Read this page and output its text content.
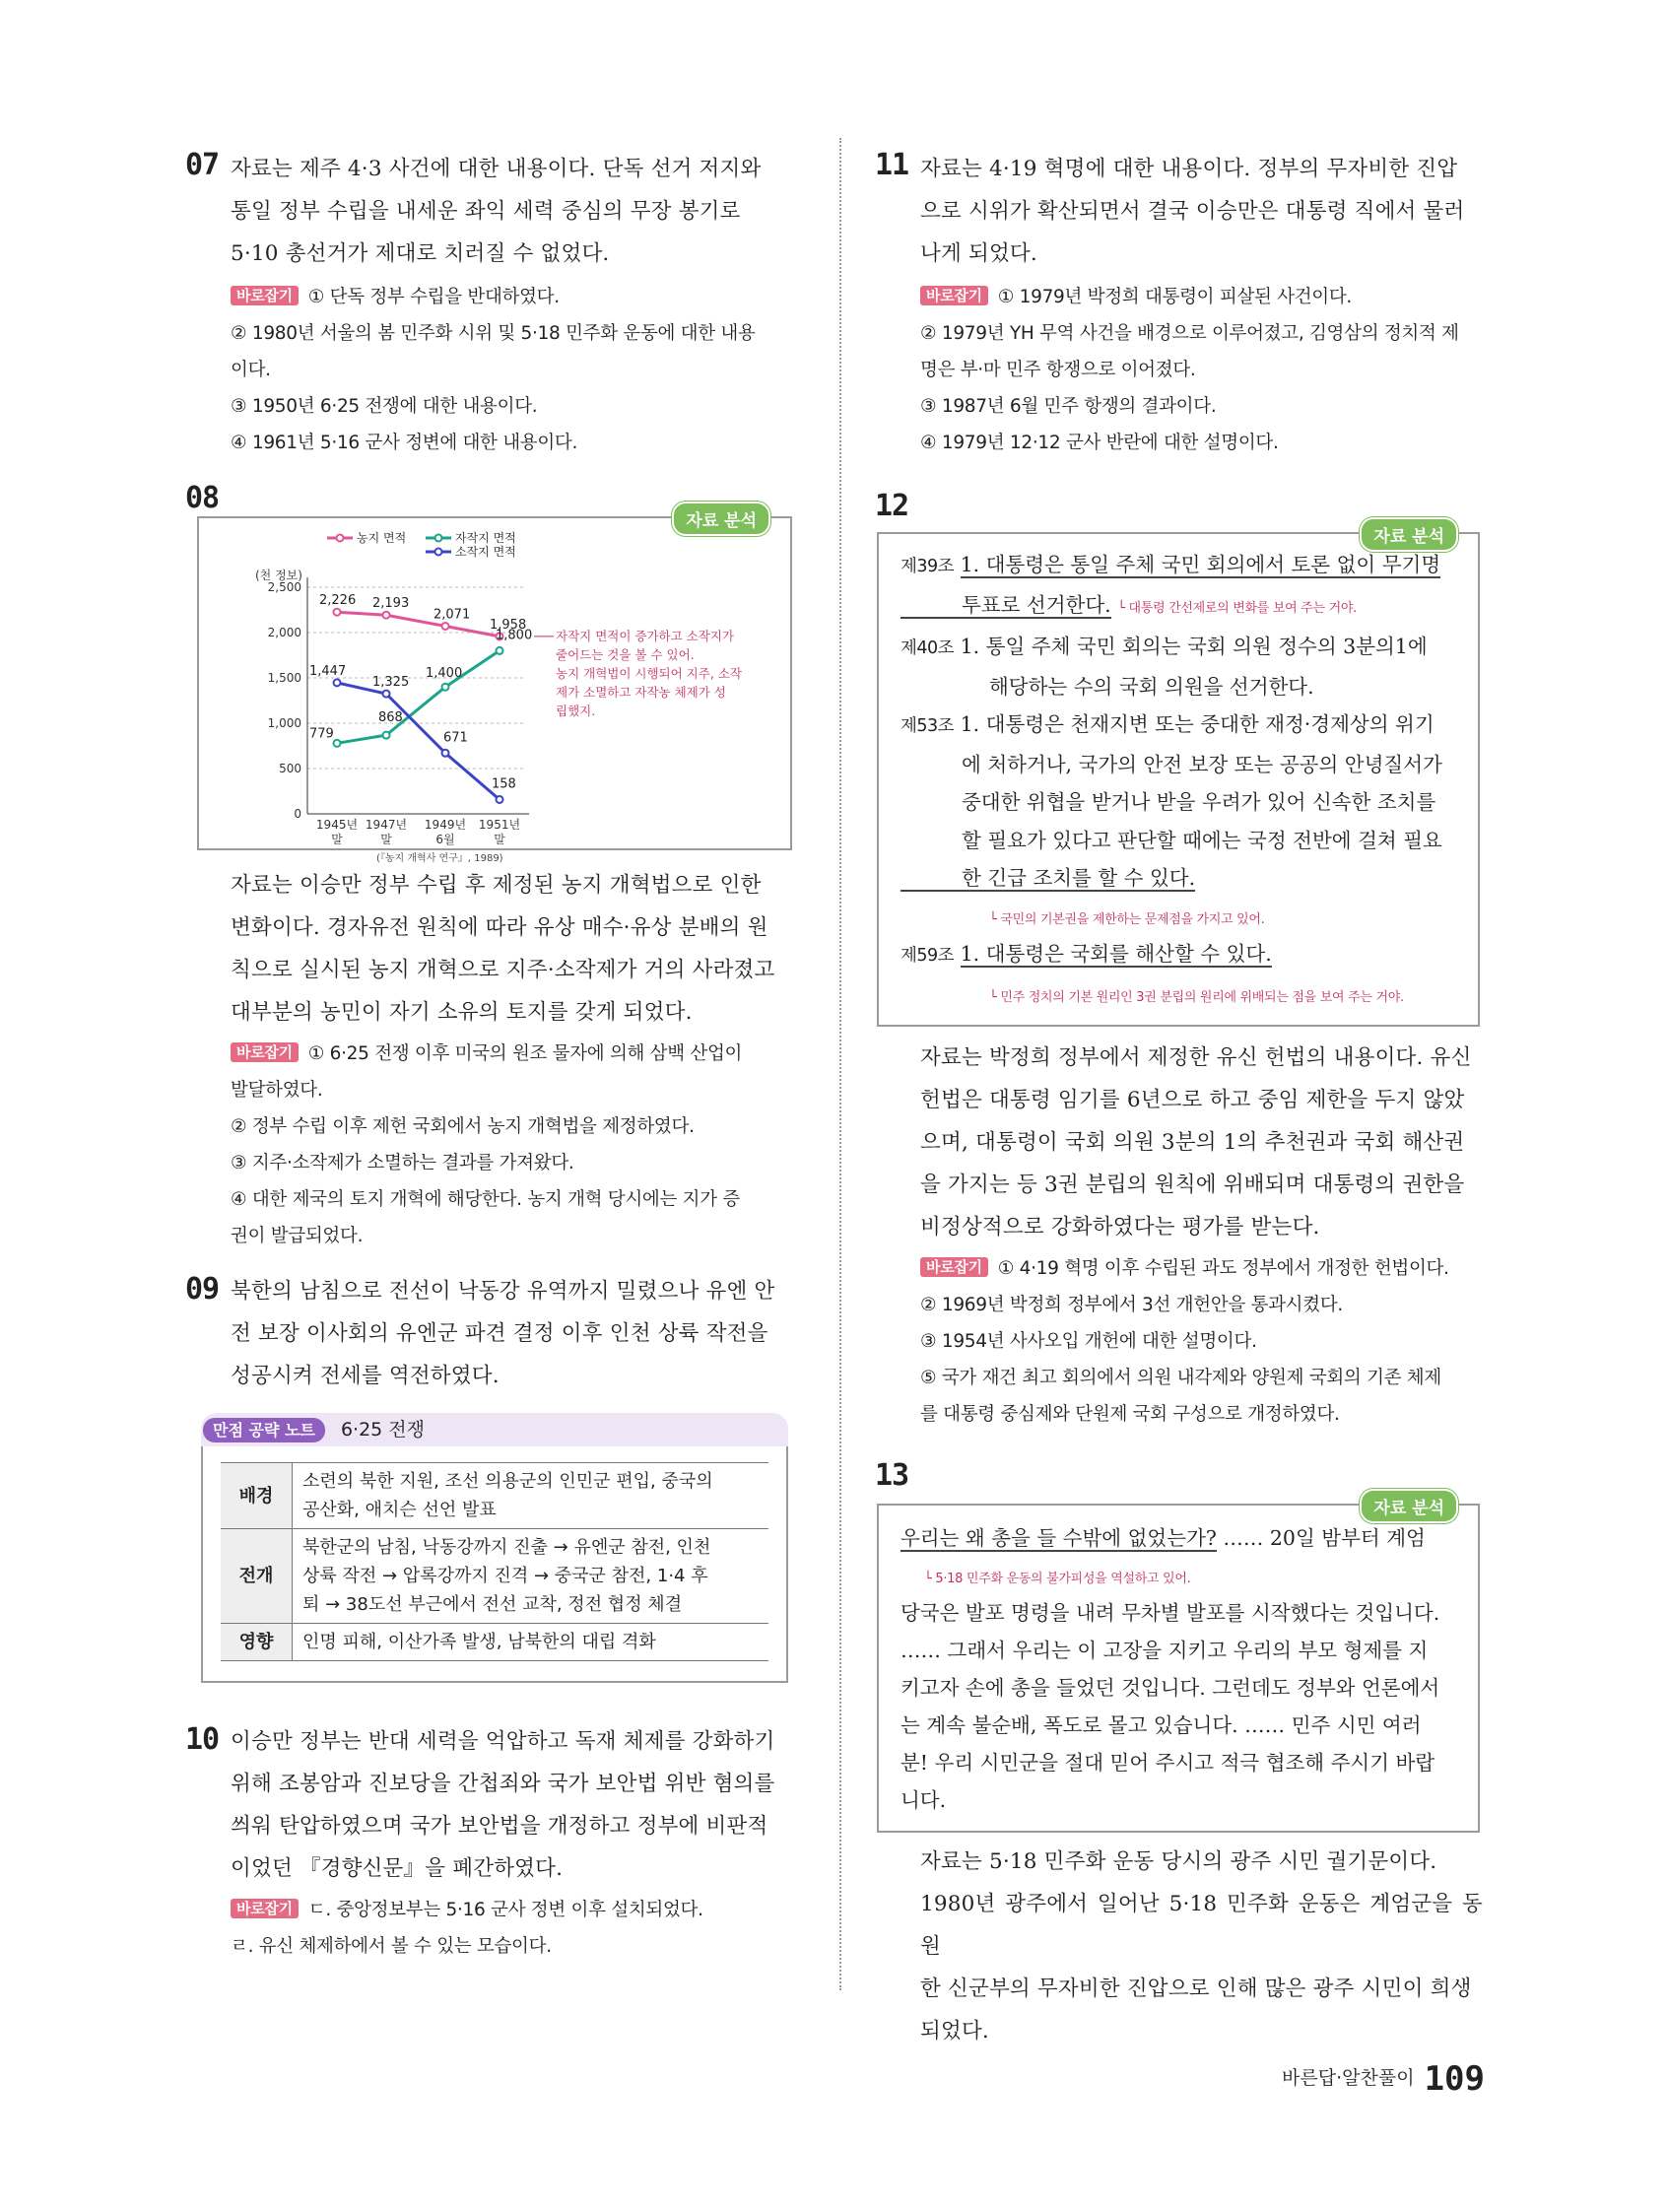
07 자료는 제주 4·3 사건에 대한 내용이다. 단독 선거 저지와
통일 정부 수립을 내세운 좌익 세력 중심의 무장 봉기로
5·10 총선거가 제대로 치러질 수 없었다.

바로잡기 ① 단독 정부 수립을 반대하였다.
② 1980년 서울의 봄 민주화 시위 및 5·18 민주화 운동에 대한 내용
이다.
③ 1950년 6·25 전쟁에 대한 내용이다.
④ 1961년 5·16 군사 정변에 대한 내용이다.

08
자료 분석
(천 정보)
2,500
2,000
1,500
1,000
500
0
1945년
말
1947년
말
1949년
6월
1951년
말
2,226 2,193
2,071
1,958
779
868
1,400
1,800
1,447
1,325
671
158
농지 면적	자작지 면적
소작지 면적
(『농지 개혁사 연구』, 1989)
자작지 면적이 증가하고 소작지가
줄어드는 것을 볼 수 있어.
농지 개혁법이 시행되어 지주, 소작
제가 소멸하고 자작농 체제가 성
립했지.

자료는 이승만 정부 수립 후 제정된 농지 개혁법으로 인한
변화이다. 경자유전 원칙에 따라 유상 매수·유상 분배의 원
칙으로 실시된 농지 개혁으로 지주·소작제가 거의 사라졌고
대부분의 농민이 자기 소유의 토지를 갖게 되었다.

바로잡기 ① 6·25 전쟁 이후 미국의 원조 물자에 의해 삼백 산업이
발달하였다.
② 정부 수립 이후 제헌 국회에서 농지 개혁법을 제정하였다.
③ 지주·소작제가 소멸하는 결과를 가져왔다.
④ 대한 제국의 토지 개혁에 해당한다. 농지 개혁 당시에는 지가 증
권이 발급되었다.

09 북한의 남침으로 전선이 낙동강 유역까지 밀렸으나 유엔 안
전 보장 이사회의 유엔군 파견 결정 이후 인천 상륙 작전을
성공시켜 전세를 역전하였다.

만점 공략 노트 6·25 전쟁
배경	소련의 북한 지원, 조선 의용군의 인민군 편입, 중국의
공산화, 애치슨 선언 발표
전개	북한군의 남침, 낙동강까지 진출 → 유엔군 참전, 인천
상륙 작전 → 압록강까지 진격 → 중국군 참전, 1·4 후
퇴 → 38도선 부근에서 전선 교착, 정전 협정 체결
영향	인명 피해, 이산가족 발생, 남북한의 대립 격화
10 이승만 정부는 반대 세력을 억압하고 독재 체제를 강화하기
위해 조봉암과 진보당을 간첩죄와 국가 보안법 위반 혐의를
씌워 탄압하였으며 국가 보안법을 개정하고 정부에 비판적
이었던 『경향신문』을 폐간하였다.

바로잡기 ㄷ. 중앙정보부는 5·16 군사 정변 이후 설치되었다.
ㄹ. 유신 체제하에서 볼 수 있는 모습이다.

11 자료는 4·19 혁명에 대한 내용이다. 정부의 무자비한 진압
으로 시위가 확산되면서 결국 이승만은 대통령 직에서 물러
나게 되었다.

바로잡기 ① 1979년 박정희 대통령이 피살된 사건이다.
② 1979년 YH 무역 사건을 배경으로 이루어졌고, 김영삼의 정치적 제
명은 부·마 민주 항쟁으로 이어졌다.
③ 1987년 6월 민주 항쟁의 결과이다.
④ 1979년 12·12 군사 반란에 대한 설명이다.

12
자료 분석
제39조 1. 대통령은 통일 주체 국민 회의에서 토론 없이 무기명
투표로 선거한다. └ 대통령 간선제로의 변화를 보여 주는 거야.
제40조 1. 통일 주체 국민 회의는 국회 의원 정수의 3분의1에
해당하는 수의 국회 의원을 선거한다.
제53조 1. 대통령은 천재지변 또는 중대한 재정·경제상의 위기
에 처하거나, 국가의 안전 보장 또는 공공의 안녕질서가
중대한 위협을 받거나 받을 우려가 있어 신속한 조치를
할 필요가 있다고 판단할 때에는 국정 전반에 걸쳐 필요
한 긴급 조치를 할 수 있다.
└ 국민의 기본권을 제한하는 문제점을 가지고 있어.
제59조 1. 대통령은 국회를 해산할 수 있다.
└ 민주 정치의 기본 원리인 3권 분립의 원리에 위배되는 점을 보여 주는 거야.

자료는 박정희 정부에서 제정한 유신 헌법의 내용이다. 유신
헌법은 대통령 임기를 6년으로 하고 중임 제한을 두지 않았
으며, 대통령이 국회 의원 3분의 1의 추천권과 국회 해산권
을 가지는 등 3권 분립의 원칙에 위배되며 대통령의 권한을
비정상적으로 강화하였다는 평가를 받는다.

바로잡기 ① 4·19 혁명 이후 수립된 과도 정부에서 개정한 헌법이다.
② 1969년 박정희 정부에서 3선 개헌안을 통과시켰다.
③ 1954년 사사오입 개헌에 대한 설명이다.
⑤ 국가 재건 최고 회의에서 의원 내각제와 양원제 국회의 기존 체제
를 대통령 중심제와 단원제 국회 구성으로 개정하였다.

13
자료 분석
우리는 왜 총을 들 수밖에 없었는가? …… 20일 밤부터 계엄
└ 5·18 민주화 운동의 불가피성을 역설하고 있어.
당국은 발포 명령을 내려 무차별 발포를 시작했다는 것입니다.
…… 그래서 우리는 이 고장을 지키고 우리의 부모 형제를 지
키고자 손에 총을 들었던 것입니다. 그런데도 정부와 언론에서
는 계속 불순배, 폭도로 몰고 있습니다. …… 민주 시민 여러
분! 우리 시민군을 절대 믿어 주시고 적극 협조해 주시기 바랍
니다.

자료는 5·18 민주화 운동 당시의 광주 시민 궐기문이다.
1980년 광주에서 일어난 5·18 민주화 운동은 계엄군을 동원
한 신군부의 무자비한 진압으로 인해 많은 광주 시민이 희생
되었다.

바른답·알찬풀이 109
